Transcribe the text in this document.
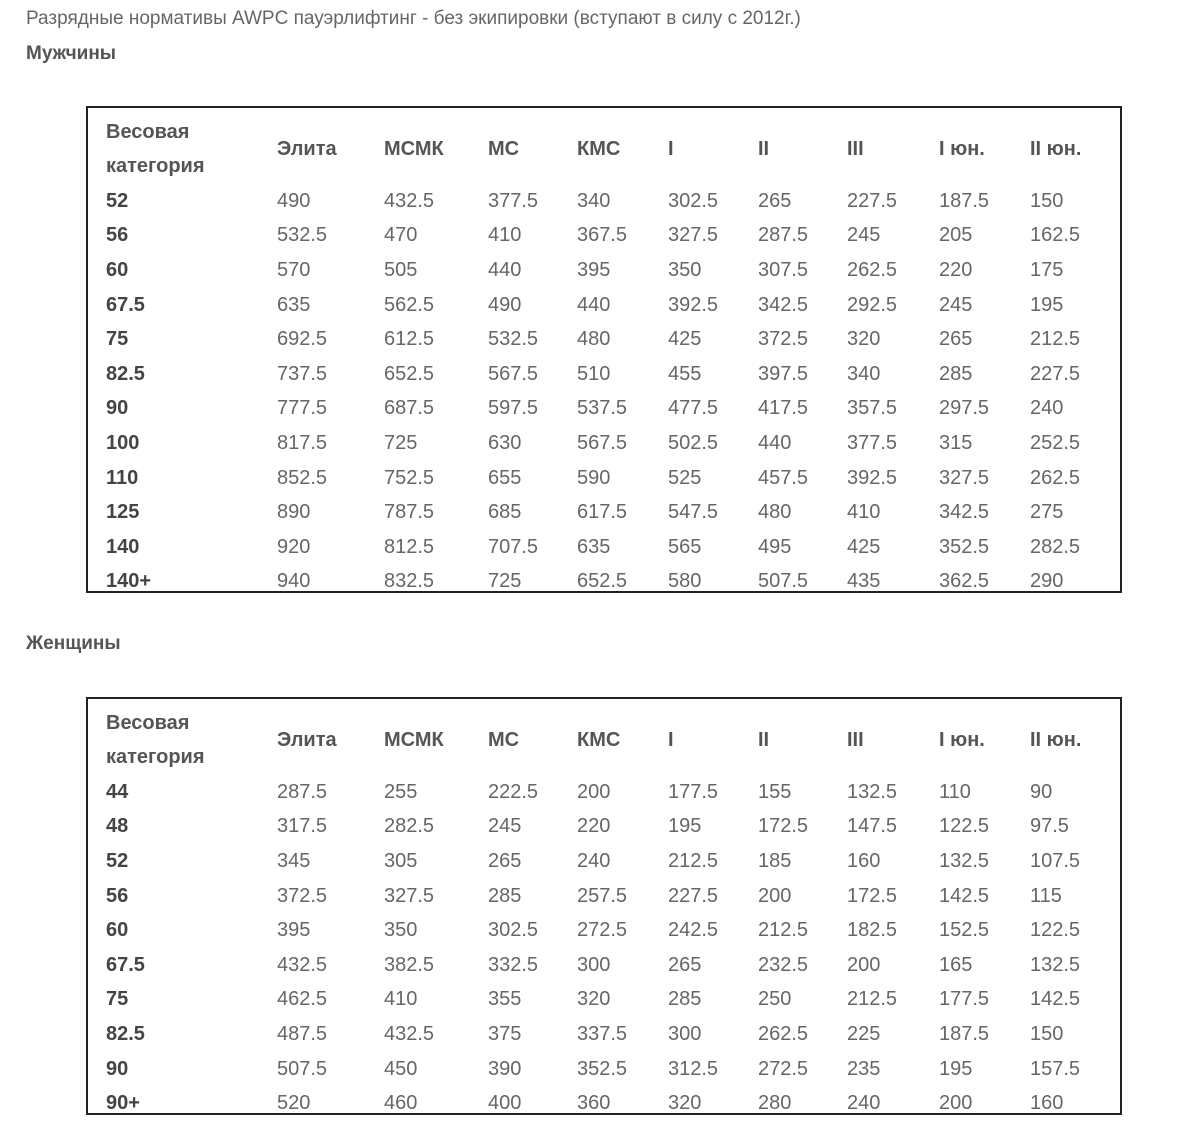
Разрядные нормативы AWPC пауэрлифтинг - без экипировки (вступают в силу с 2012г.)
Мужчины
Весовая категория	Элита	МСМК	МС	КМС	I	II	III	I юн.	II юн.
52	490	432.5	377.5	340	302.5	265	227.5	187.5	150
56	532.5	470	410	367.5	327.5	287.5	245	205	162.5
60	570	505	440	395	350	307.5	262.5	220	175
67.5	635	562.5	490	440	392.5	342.5	292.5	245	195
75	692.5	612.5	532.5	480	425	372.5	320	265	212.5
82.5	737.5	652.5	567.5	510	455	397.5	340	285	227.5
90	777.5	687.5	597.5	537.5	477.5	417.5	357.5	297.5	240
100	817.5	725	630	567.5	502.5	440	377.5	315	252.5
110	852.5	752.5	655	590	525	457.5	392.5	327.5	262.5
125	890	787.5	685	617.5	547.5	480	410	342.5	275
140	920	812.5	707.5	635	565	495	425	352.5	282.5
140+	940	832.5	725	652.5	580	507.5	435	362.5	290
Женщины
Весовая категория	Элита	МСМК	МС	КМС	I	II	III	I юн.	II юн.
44	287.5	255	222.5	200	177.5	155	132.5	110	90
48	317.5	282.5	245	220	195	172.5	147.5	122.5	97.5
52	345	305	265	240	212.5	185	160	132.5	107.5
56	372.5	327.5	285	257.5	227.5	200	172.5	142.5	115
60	395	350	302.5	272.5	242.5	212.5	182.5	152.5	122.5
67.5	432.5	382.5	332.5	300	265	232.5	200	165	132.5
75	462.5	410	355	320	285	250	212.5	177.5	142.5
82.5	487.5	432.5	375	337.5	300	262.5	225	187.5	150
90	507.5	450	390	352.5	312.5	272.5	235	195	157.5
90+	520	460	400	360	320	280	240	200	160
